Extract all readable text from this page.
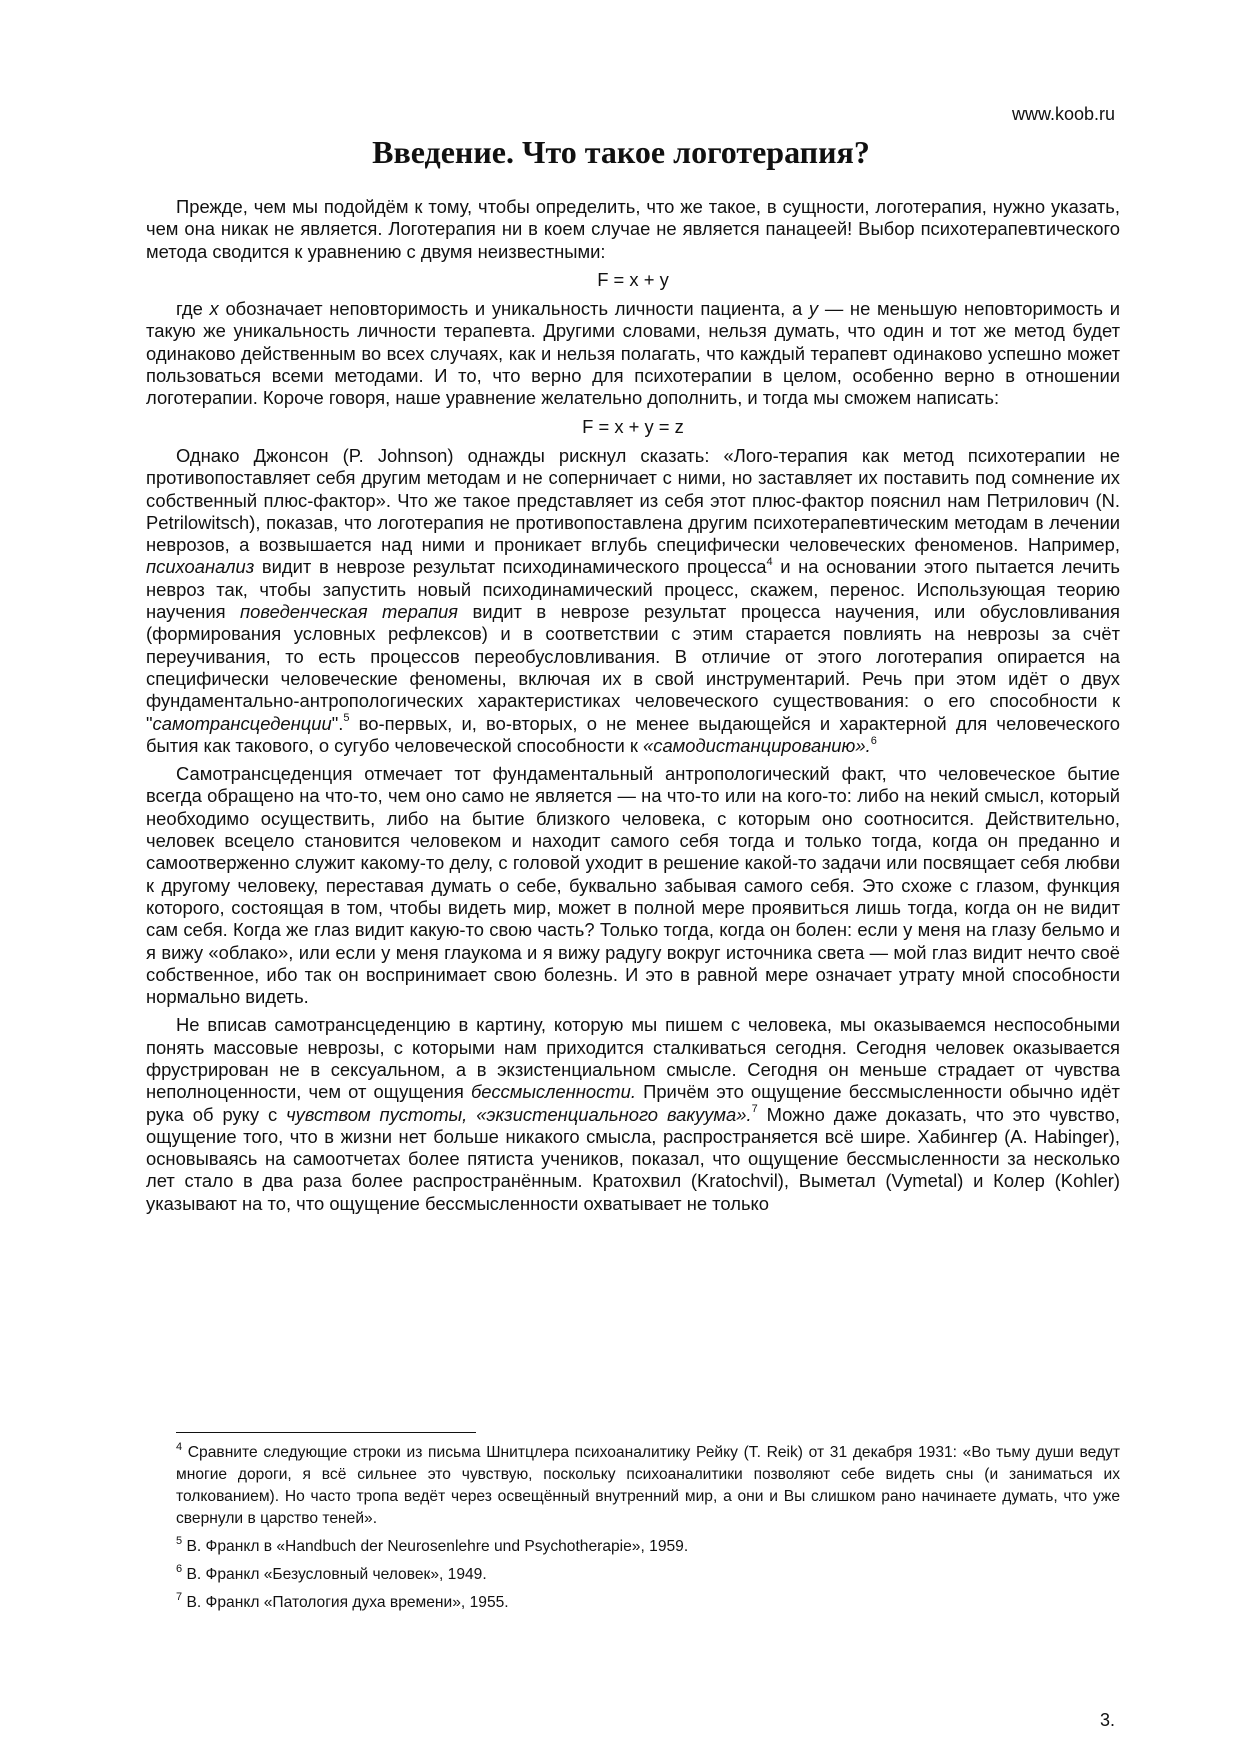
www.koob.ru
Введение. Что такое логотерапия?

Прежде, чем мы подойдём к тому, чтобы определить, что же такое, в сущности, логотерапия, нужно указать, чем она никак не является. Логотерапия ни в коем случае не является панацеей! Выбор психотерапевтического метода сводится к уравнению с двумя неизвестными:

F = x + y

где x обозначает неповторимость и уникальность личности пациента, а y — не меньшую неповторимость и такую же уникальность личности терапевта. Другими словами, нельзя думать, что один и тот же метод будет одинаково действенным во всех случаях, как и нельзя полагать, что каждый терапевт одинаково успешно может пользоваться всеми методами. И то, что верно для психотерапии в целом, особенно верно в отношении логотерапии. Короче говоря, наше уравнение желательно дополнить, и тогда мы сможем написать:

F = x + y = z

Однако Джонсон (P. Johnson) однажды рискнул сказать: «Лого-терапия как метод психотерапии не противопоставляет себя другим методам и не соперничает с ними, но заставляет их поставить под сомнение их собственный плюс-фактор». Что же такое представляет из себя этот плюс-фактор пояснил нам Петрилович (N. Petrilowitsch), показав, что логотерапия не противопоставлена другим психотерапевтическим методам в лечении неврозов, а возвышается над ними и проникает вглубь специфически человеческих феноменов. Например, психоанализ видит в неврозе результат психодинамического процесса$^4$ и на основании этого пытается лечить невроз так, чтобы запустить новый психодинамический процесс, скажем, перенос. Использующая теорию научения поведенческая терапия видит в неврозе результат процесса научения, или обусловливания (формирования условных рефлексов) и в соответствии с этим старается повлиять на неврозы за счёт переучивания, то есть процессов переобусловливания. В отличие от этого логотерапия опирается на специфически человеческие феномены, включая их в свой инструментарий. Речь при этом идёт о двух фундаментально-антропологических характеристиках человеческого существования: о его способности к "самотрансцеденции".$^5$ во-первых, и, во-вторых, о не менее выдающейся и характерной для человеческого бытия как такового, о сугубо человеческой способности к «самодистанцированию».$^6$

Самотрансцеденция отмечает тот фундаментальный антропологический факт, что человеческое бытие всегда обращено на что-то, чем оно само не является — на что-то или на кого-то: либо на некий смысл, который необходимо осуществить, либо на бытие близкого человека, с которым оно соотносится. Действительно, человек всецело становится человеком и находит самого себя тогда и только тогда, когда он преданно и самоотверженно служит какому-то делу, с головой уходит в решение какой-то задачи или посвящает себя любви к другому человеку, переставая думать о себе, буквально забывая самого себя. Это схоже с глазом, функция которого, состоящая в том, чтобы видеть мир, может в полной мере проявиться лишь тогда, когда он не видит сам себя. Когда же глаз видит какую-то свою часть? Только тогда, когда он болен: если у меня на глазу бельмо и я вижу «облако», или если у меня глаукома и я вижу радугу вокруг источника света — мой глаз видит нечто своё собственное, ибо так он воспринимает свою болезнь. И это в равной мере означает утрату мной способности нормально видеть.

Не вписав самотрансцеденцию в картину, которую мы пишем с человека, мы оказываемся неспособными понять массовые неврозы, с которыми нам приходится сталкиваться сегодня. Сегодня человек оказывается фрустрирован не в сексуальном, а в экзистенциальном смысле. Сегодня он меньше страдает от чувства неполноценности, чем от ощущения бессмысленности. Причём это ощущение бессмысленности обычно идёт рука об руку с чувством пустоты, «экзистенциального вакуума».$^7$ Можно даже доказать, что это чувство, ощущение того, что в жизни нет больше никакого смысла, распространяется всё шире. Хабингер (A. Habinger), основываясь на самоотчетах более пятиста учеников, показал, что ощущение бессмысленности за несколько лет стало в два раза более распространённым. Кратохвил (Kratochvil), Выметал (Vymetal) и Колер (Kohler) указывают на то, что ощущение бессмысленности охватывает не только

$^4$ Сравните следующие строки из письма Шнитцлера психоаналитику Рейку (T. Reik) от 31 декабря 1931: «Во тьму души ведут многие дороги, я всё сильнее это чувствую, поскольку психоаналитики позволяют себе видеть сны (и заниматься их толкованием). Но часто тропа ведёт через освещённый внутренний мир, а они и Вы слишком рано начинаете думать, что уже свернули в царство теней».

$^5$ В. Франкл в «Handbuch der Neurosenlehre und Psychotherapie», 1959.

$^6$ В. Франкл «Безусловный человек», 1949.

$^7$ В. Франкл «Патология духа времени», 1955.

3.
